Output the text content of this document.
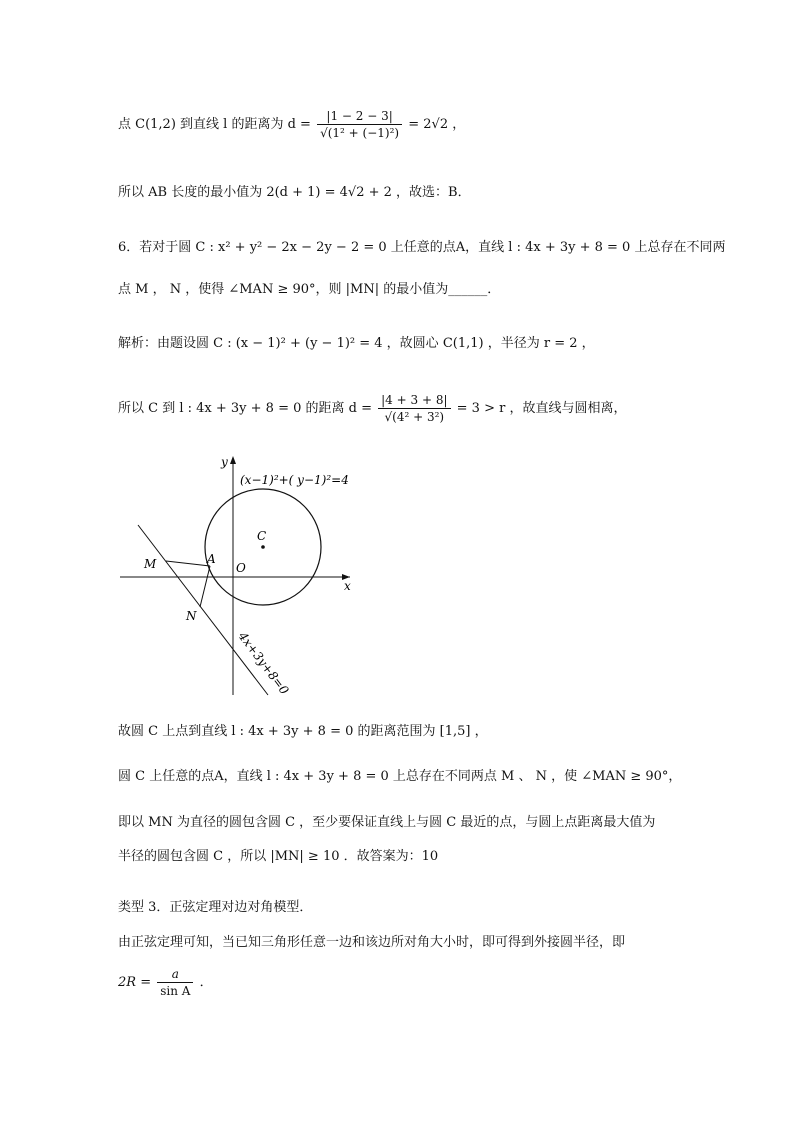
点 C(1,2) 到直线 l 的距离为 $d = \frac{|1 - 2 - 3|}{\text{√(1² + (−1)²)}} = 2√2$ ，
所以 AB 长度的最小值为 2(d + 1) = 4√2 + 2 ，故选：B．
6．若对于圆 C : x² + y² − 2x − 2y − 2 = 0 上任意的点A，直线 l : 4x + 3y + 8 = 0 上总存在不同两
点 M ， N ，使得 ∠MAN ≥ 90°，则 |MN| 的最小值为______．
解析：由题设圆 C : (x − 1)² + (y − 1)² = 4 ，故圆心 C(1,1) ，半径为 r = 2 ，
所以 C 到 l : 4x + 3y + 8 = 0 的距离 $d = \frac{|4 + 3 + 8|}{\text{√(4² + 3²)}} = 3 > r$ ，故直线与圆相离，
(x−1)²+( y−1)²=4
C
O
x
y
M	A
N
4x+3y+8=0
故圆 C 上点到直线 l : 4x + 3y + 8 = 0 的距离范围为 [1,5] ，
圆 C 上任意的点A，直线 l : 4x + 3y + 8 = 0 上总存在不同两点 M 、 N ，使 ∠MAN ≥ 90°，
即以 MN 为直径的圆包含圆 C ，至少要保证直线上与圆 C 最近的点，与圆上点距离最大值为
半径的圆包含圆 C ，所以 |MN| ≥ 10 ．故答案为：10
类型 3．正弦定理对边对角模型．
由正弦定理可知，当已知三角形任意一边和该边所对角大小时，即可得到外接圆半径，即
$2R = \frac{a}{\text{sin A}}$ ．
